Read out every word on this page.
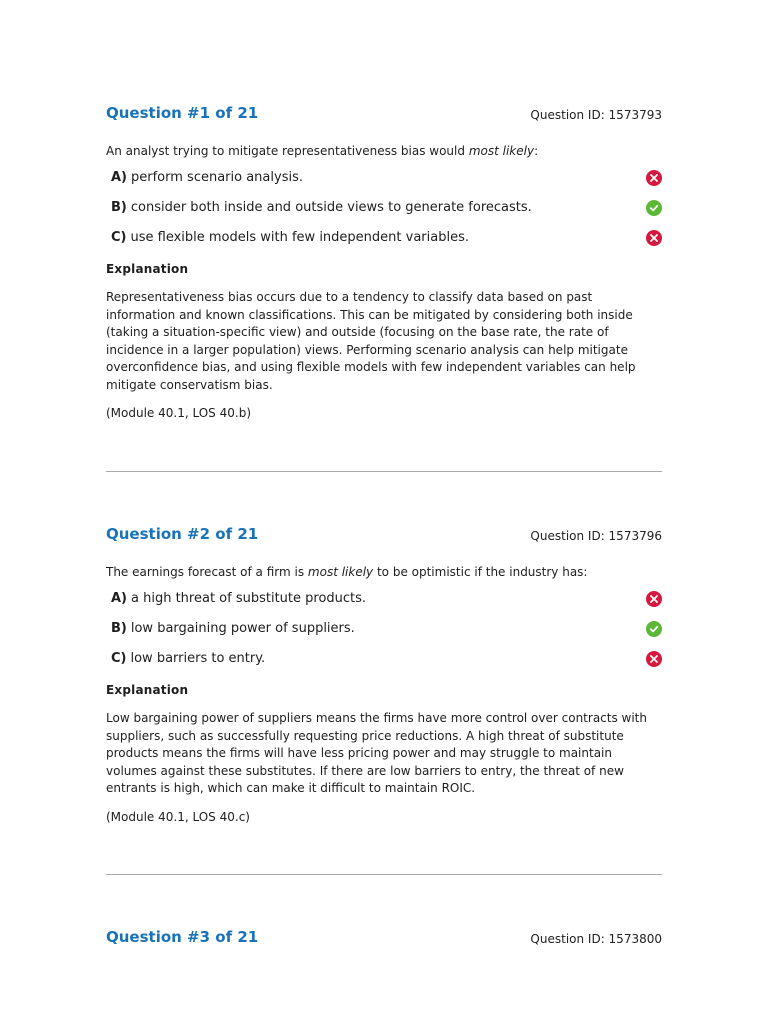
Question #1 of 21	Question ID: 1573793
An analyst trying to mitigate representativeness bias would most likely:
A) perform scenario analysis.
B) consider both inside and outside views to generate forecasts.
C) use flexible models with few independent variables.
Explanation
Representativeness bias occurs due to a tendency to classify data based on past
information and known classifications. This can be mitigated by considering both inside
(taking a situation-specific view) and outside (focusing on the base rate, the rate of
incidence in a larger population) views. Performing scenario analysis can help mitigate
overconfidence bias, and using flexible models with few independent variables can help
mitigate conservatism bias.
(Module 40.1, LOS 40.b)
Question #2 of 21	Question ID: 1573796
The earnings forecast of a firm is most likely to be optimistic if the industry has:
A) a high threat of substitute products.
B) low bargaining power of suppliers.
C) low barriers to entry.
Explanation
Low bargaining power of suppliers means the firms have more control over contracts with
suppliers, such as successfully requesting price reductions. A high threat of substitute
products means the firms will have less pricing power and may struggle to maintain
volumes against these substitutes. If there are low barriers to entry, the threat of new
entrants is high, which can make it difficult to maintain ROIC.
(Module 40.1, LOS 40.c)
Question #3 of 21	Question ID: 1573800
